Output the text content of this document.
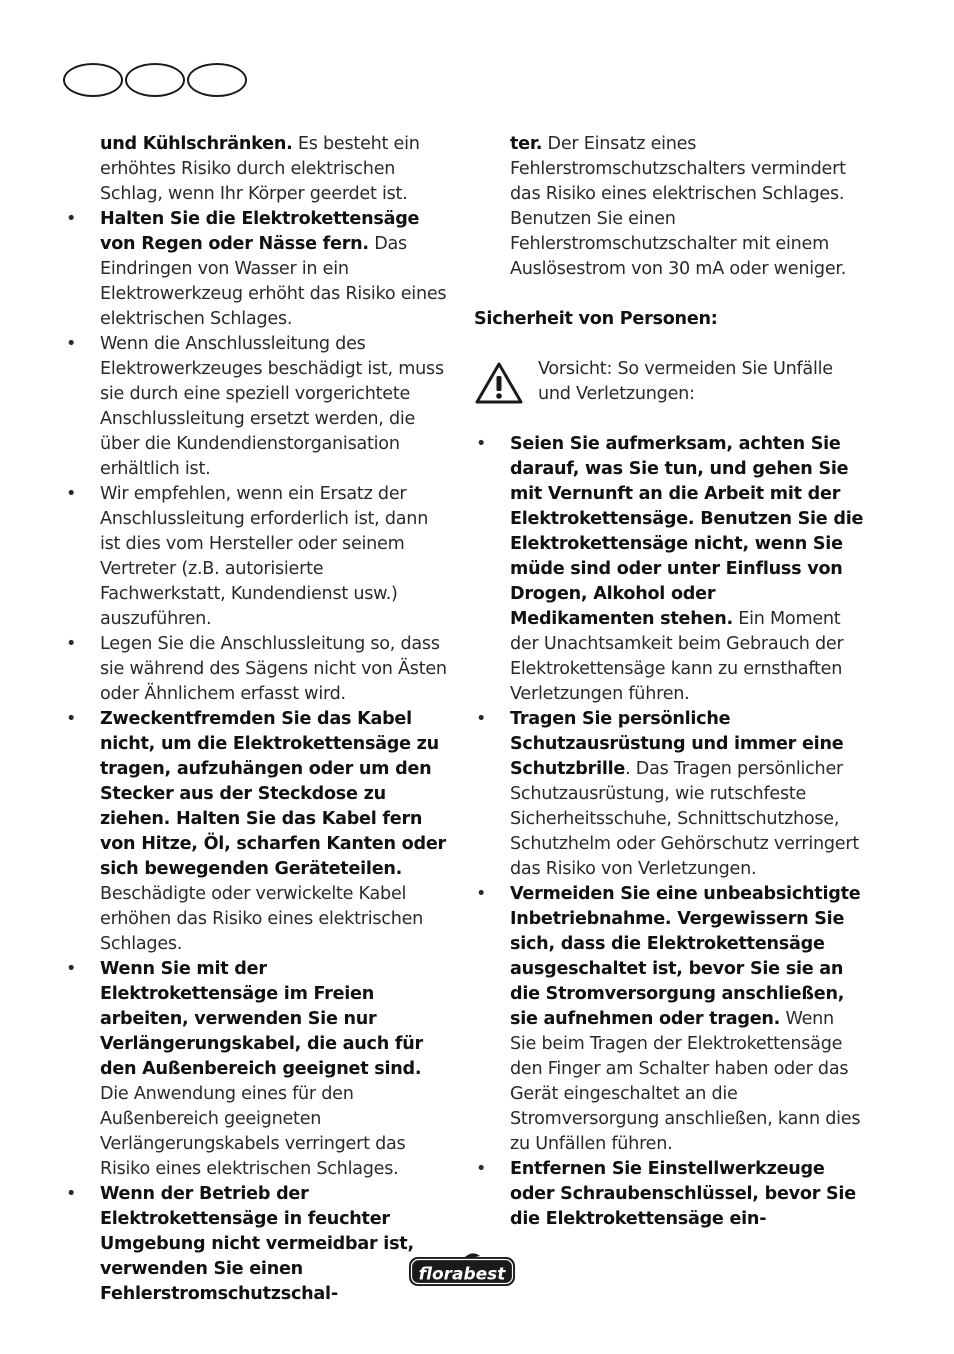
und Kühlschränken. Es besteht ein erhöhtes Risiko durch elektrischen Schlag, wenn Ihr Körper geerdet ist.

•	Halten Sie die Elektrokettensäge von Regen oder Nässe fern. Das Eindringen von Wasser in ein Elektrowerkzeug erhöht das Risiko eines elektrischen Schlages.

•	Wenn die Anschlussleitung des Elektrowerkzeuges beschädigt ist, muss sie durch eine speziell vorgerichtete Anschlussleitung ersetzt werden, die über die Kundendienstorganisation erhältlich ist.

•	Wir empfehlen, wenn ein Ersatz der Anschlussleitung erforderlich ist, dann ist dies vom Hersteller oder seinem Vertreter (z.B. autorisierte Fachwerkstatt, Kundendienst usw.) auszuführen.

•	Legen Sie die Anschlussleitung so, dass sie während des Sägens nicht von Ästen oder Ähnlichem erfasst wird.

•	Zweckentfremden Sie das Kabel nicht, um die Elektrokettensäge zu tragen, aufzuhängen oder um den Stecker aus der Steckdose zu ziehen. Halten Sie das Kabel fern von Hitze, Öl, scharfen Kanten oder sich bewegenden Geräteteilen. Beschädigte oder verwickelte Kabel erhöhen das Risiko eines elektrischen Schlages.

•	Wenn Sie mit der Elektrokettensäge im Freien arbeiten, verwenden Sie nur Verlängerungskabel, die auch für den Außenbereich geeignet sind. Die Anwendung eines für den Außenbereich geeigneten Verlängerungskabels verringert das Risiko eines elektrischen Schlages.

•	Wenn der Betrieb der Elektrokettensäge in feuchter Umgebung nicht vermeidbar ist, verwenden Sie einen Fehlerstromschutzschal-

ter. Der Einsatz eines Fehlerstromschutzschalters vermindert das Risiko eines elektrischen Schlages. Benutzen Sie einen Fehlerstromschutzschalter mit einem Auslösestrom von 30 mA oder weniger.

Sicherheit von Personen:

Vorsicht: So vermeiden Sie Unfälle und Verletzungen:

•	Seien Sie aufmerksam, achten Sie darauf, was Sie tun, und gehen Sie mit Vernunft an die Arbeit mit der Elektrokettensäge. Benutzen Sie die Elektrokettensäge nicht, wenn Sie müde sind oder unter Einfluss von Drogen, Alkohol oder Medikamenten stehen. Ein Moment der Unachtsamkeit beim Gebrauch der Elektrokettensäge kann zu ernsthaften Verletzungen führen.

•	Tragen Sie persönliche Schutzausrüstung und immer eine Schutzbrille. Das Tragen persönlicher Schutzausrüstung, wie rutschfeste Sicherheitsschuhe, Schnittschutzhose, Schutzhelm oder Gehörschutz verringert das Risiko von Verletzungen.

•	Vermeiden Sie eine unbeabsichtigte Inbetriebnahme. Vergewissern Sie sich, dass die Elektrokettensäge ausgeschaltet ist, bevor Sie sie an die Stromversorgung anschließen, sie aufnehmen oder tragen. Wenn Sie beim Tragen der Elektrokettensäge den Finger am Schalter haben oder das Gerät eingeschaltet an die Stromversorgung anschließen, kann dies zu Unfällen führen.

•	Entfernen Sie Einstellwerkzeuge oder Schraubenschlüssel, bevor Sie die Elektrokettensäge ein-

florabest
